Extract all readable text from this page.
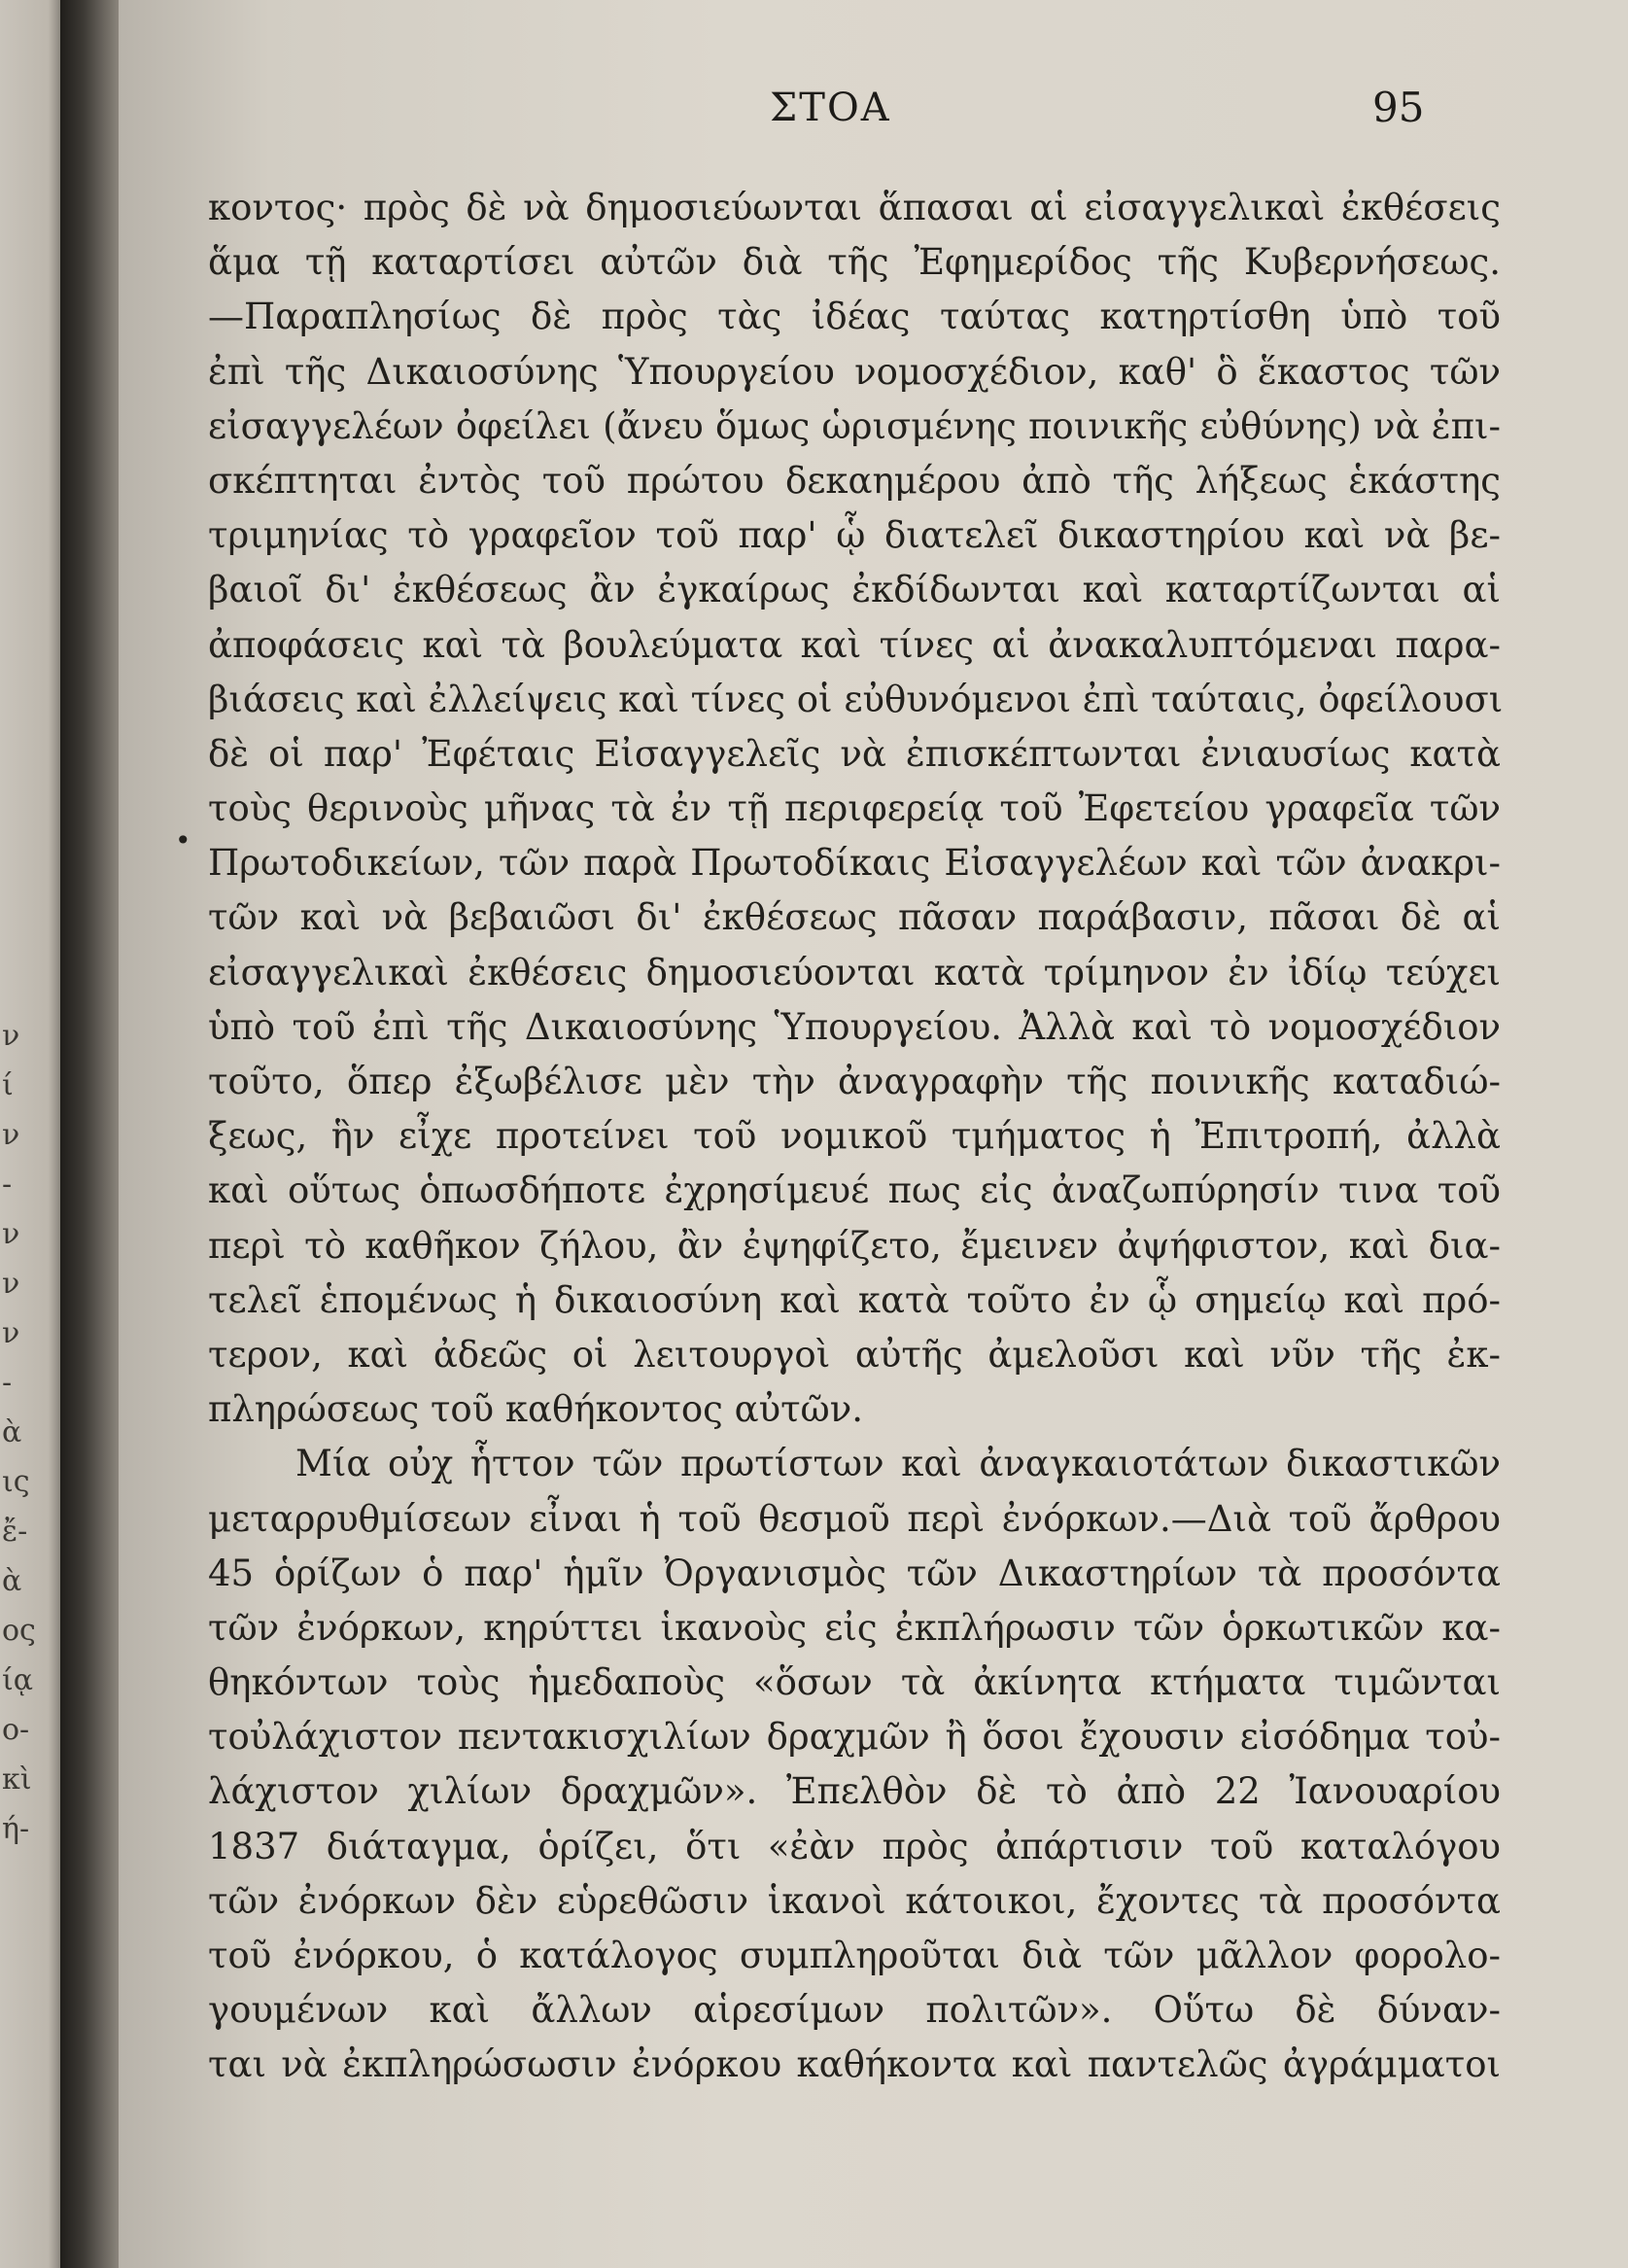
ν
ί
ν
-
ν
ν
ν
-
ὰ
ις
ἔ-
ὰ
ος
ίᾳ
ο-
κὶ
ή-
ΣΤΟΑ	95
•
κοντος· πρὸς δὲ νὰ δημοσιεύωνται ἅπασαι αἱ εἰσαγγελικαὶ ἐκθέσεις
ἅμα τῇ καταρτίσει αὐτῶν διὰ τῆς Ἐφημερίδος τῆς Κυβερνήσεως.
—Παραπλησίως δὲ πρὸς τὰς ἰδέας ταύτας κατηρτίσθη ὑπὸ τοῦ
ἐπὶ τῆς Δικαιοσύνης Ὑπουργείου νομοσχέδιον, καθ' ὃ ἕκαστος τῶν
εἰσαγγελέων ὀφείλει (ἄνευ ὅμως ὡρισμένης ποινικῆς εὐθύνης) νὰ ἐπι-
σκέπτηται ἐντὸς τοῦ πρώτου δεκαημέρου ἀπὸ τῆς λήξεως ἑκάστης
τριμηνίας τὸ γραφεῖον τοῦ παρ' ᾧ διατελεῖ δικαστηρίου καὶ νὰ βε-
βαιοῖ δι' ἐκθέσεως ἂν ἐγκαίρως ἐκδίδωνται καὶ καταρτίζωνται αἱ
ἀποφάσεις καὶ τὰ βουλεύματα καὶ τίνες αἱ ἀνακαλυπτόμεναι παρα-
βιάσεις καὶ ἐλλείψεις καὶ τίνες οἱ εὐθυνόμενοι ἐπὶ ταύταις, ὀφείλουσι
δὲ οἱ παρ' Ἐφέταις Εἰσαγγελεῖς νὰ ἐπισκέπτωνται ἐνιαυσίως κατὰ
τοὺς θερινοὺς μῆνας τὰ ἐν τῇ περιφερείᾳ τοῦ Ἐφετείου γραφεῖα τῶν
Πρωτοδικείων, τῶν παρὰ Πρωτοδίκαις Εἰσαγγελέων καὶ τῶν ἀνακρι-
τῶν καὶ νὰ βεβαιῶσι δι' ἐκθέσεως πᾶσαν παράβασιν, πᾶσαι δὲ αἱ
εἰσαγγελικαὶ ἐκθέσεις δημοσιεύονται κατὰ τρίμηνον ἐν ἰδίῳ τεύχει
ὑπὸ τοῦ ἐπὶ τῆς Δικαιοσύνης Ὑπουργείου. Ἀλλὰ καὶ τὸ νομοσχέδιον
τοῦτο, ὅπερ ἐξωβέλισε μὲν τὴν ἀναγραφὴν τῆς ποινικῆς καταδιώ-
ξεως, ἣν εἶχε προτείνει τοῦ νομικοῦ τμήματος ἡ Ἐπιτροπή, ἀλλὰ
καὶ οὕτως ὁπωσδήποτε ἐχρησίμευέ πως εἰς ἀναζωπύρησίν τινα τοῦ
περὶ τὸ καθῆκον ζήλου, ἂν ἐψηφίζετο, ἔμεινεν ἀψήφιστον, καὶ δια-
τελεῖ ἑπομένως ἡ δικαιοσύνη καὶ κατὰ τοῦτο ἐν ᾧ σημείῳ καὶ πρό-
τερον, καὶ ἀδεῶς οἱ λειτουργοὶ αὐτῆς ἀμελοῦσι καὶ νῦν τῆς ἐκ-
πληρώσεως τοῦ καθήκοντος αὐτῶν.
Μία οὐχ ἧττον τῶν πρωτίστων καὶ ἀναγκαιοτάτων δικαστικῶν
μεταρρυθμίσεων εἶναι ἡ τοῦ θεσμοῦ περὶ ἐνόρκων.—Διὰ τοῦ ἄρθρου
45 ὁρίζων ὁ παρ' ἡμῖν Ὀργανισμὸς τῶν Δικαστηρίων τὰ προσόντα
τῶν ἐνόρκων, κηρύττει ἱκανοὺς εἰς ἐκπλήρωσιν τῶν ὁρκωτικῶν κα-
θηκόντων τοὺς ἡμεδαποὺς «ὅσων τὰ ἀκίνητα κτήματα τιμῶνται
τοὐλάχιστον πεντακισχιλίων δραχμῶν ἢ ὅσοι ἔχουσιν εἰσόδημα τοὐ-
λάχιστον χιλίων δραχμῶν». Ἐπελθὸν δὲ τὸ ἀπὸ 22 Ἰανουαρίου
1837 διάταγμα, ὁρίζει, ὅτι «ἐὰν πρὸς ἀπάρτισιν τοῦ καταλόγου
τῶν ἐνόρκων δὲν εὑρεθῶσιν ἱκανοὶ κάτοικοι, ἔχοντες τὰ προσόντα
τοῦ ἐνόρκου, ὁ κατάλογος συμπληροῦται διὰ τῶν μᾶλλον φορολο-
γουμένων καὶ ἄλλων αἱρεσίμων πολιτῶν». Οὕτω δὲ δύναν-
ται νὰ ἐκπληρώσωσιν ἐνόρκου καθήκοντα καὶ παντελῶς ἀγράμματοι
